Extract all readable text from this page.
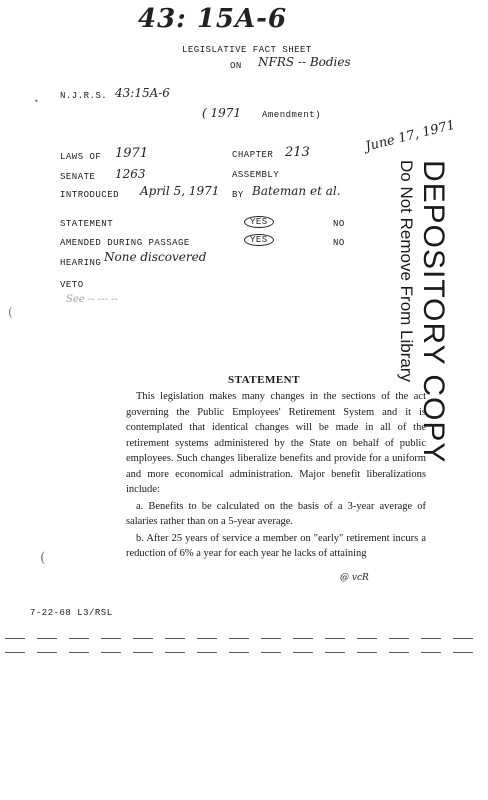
43: 15A-6
LEGISLATIVE FACT SHEET
ON NFRS -- Bodies
N.J.R.S. 43:15A-6
( 1971 Amendment)
LAWS OF 1971
SENATE 1263
INTRODUCED April 5, 1971
CHAPTER 213	June 17, 1971
ASSEMBLY
BY Bateman et al.
STATEMENT	YES	NO
AMENDED DURING PASSAGE	YES	NO
HEARING None discovered
VETO
See -- --- --	DEPOSITORY COPY
Do Not Remove From Library
STATEMENT

This legislation makes many changes in the sections of the act governing the Public Employees' Retirement System and it is contemplated that identical changes will be made in all of the retirement systems administered by the State on behalf of public employees. Such changes liberalize benefits and provide for a uniform and more economical administration. Major benefit liberalizations include:

a. Benefits to be calculated on the basis of a 3-year average of salaries rather than on a 5-year average.

b. After 25 years of service a member on "early" retirement incurs a reduction of 6% a year for each year he lacks of attaining

7-22-68 L3/RSL
@ vcR
(
•
(
